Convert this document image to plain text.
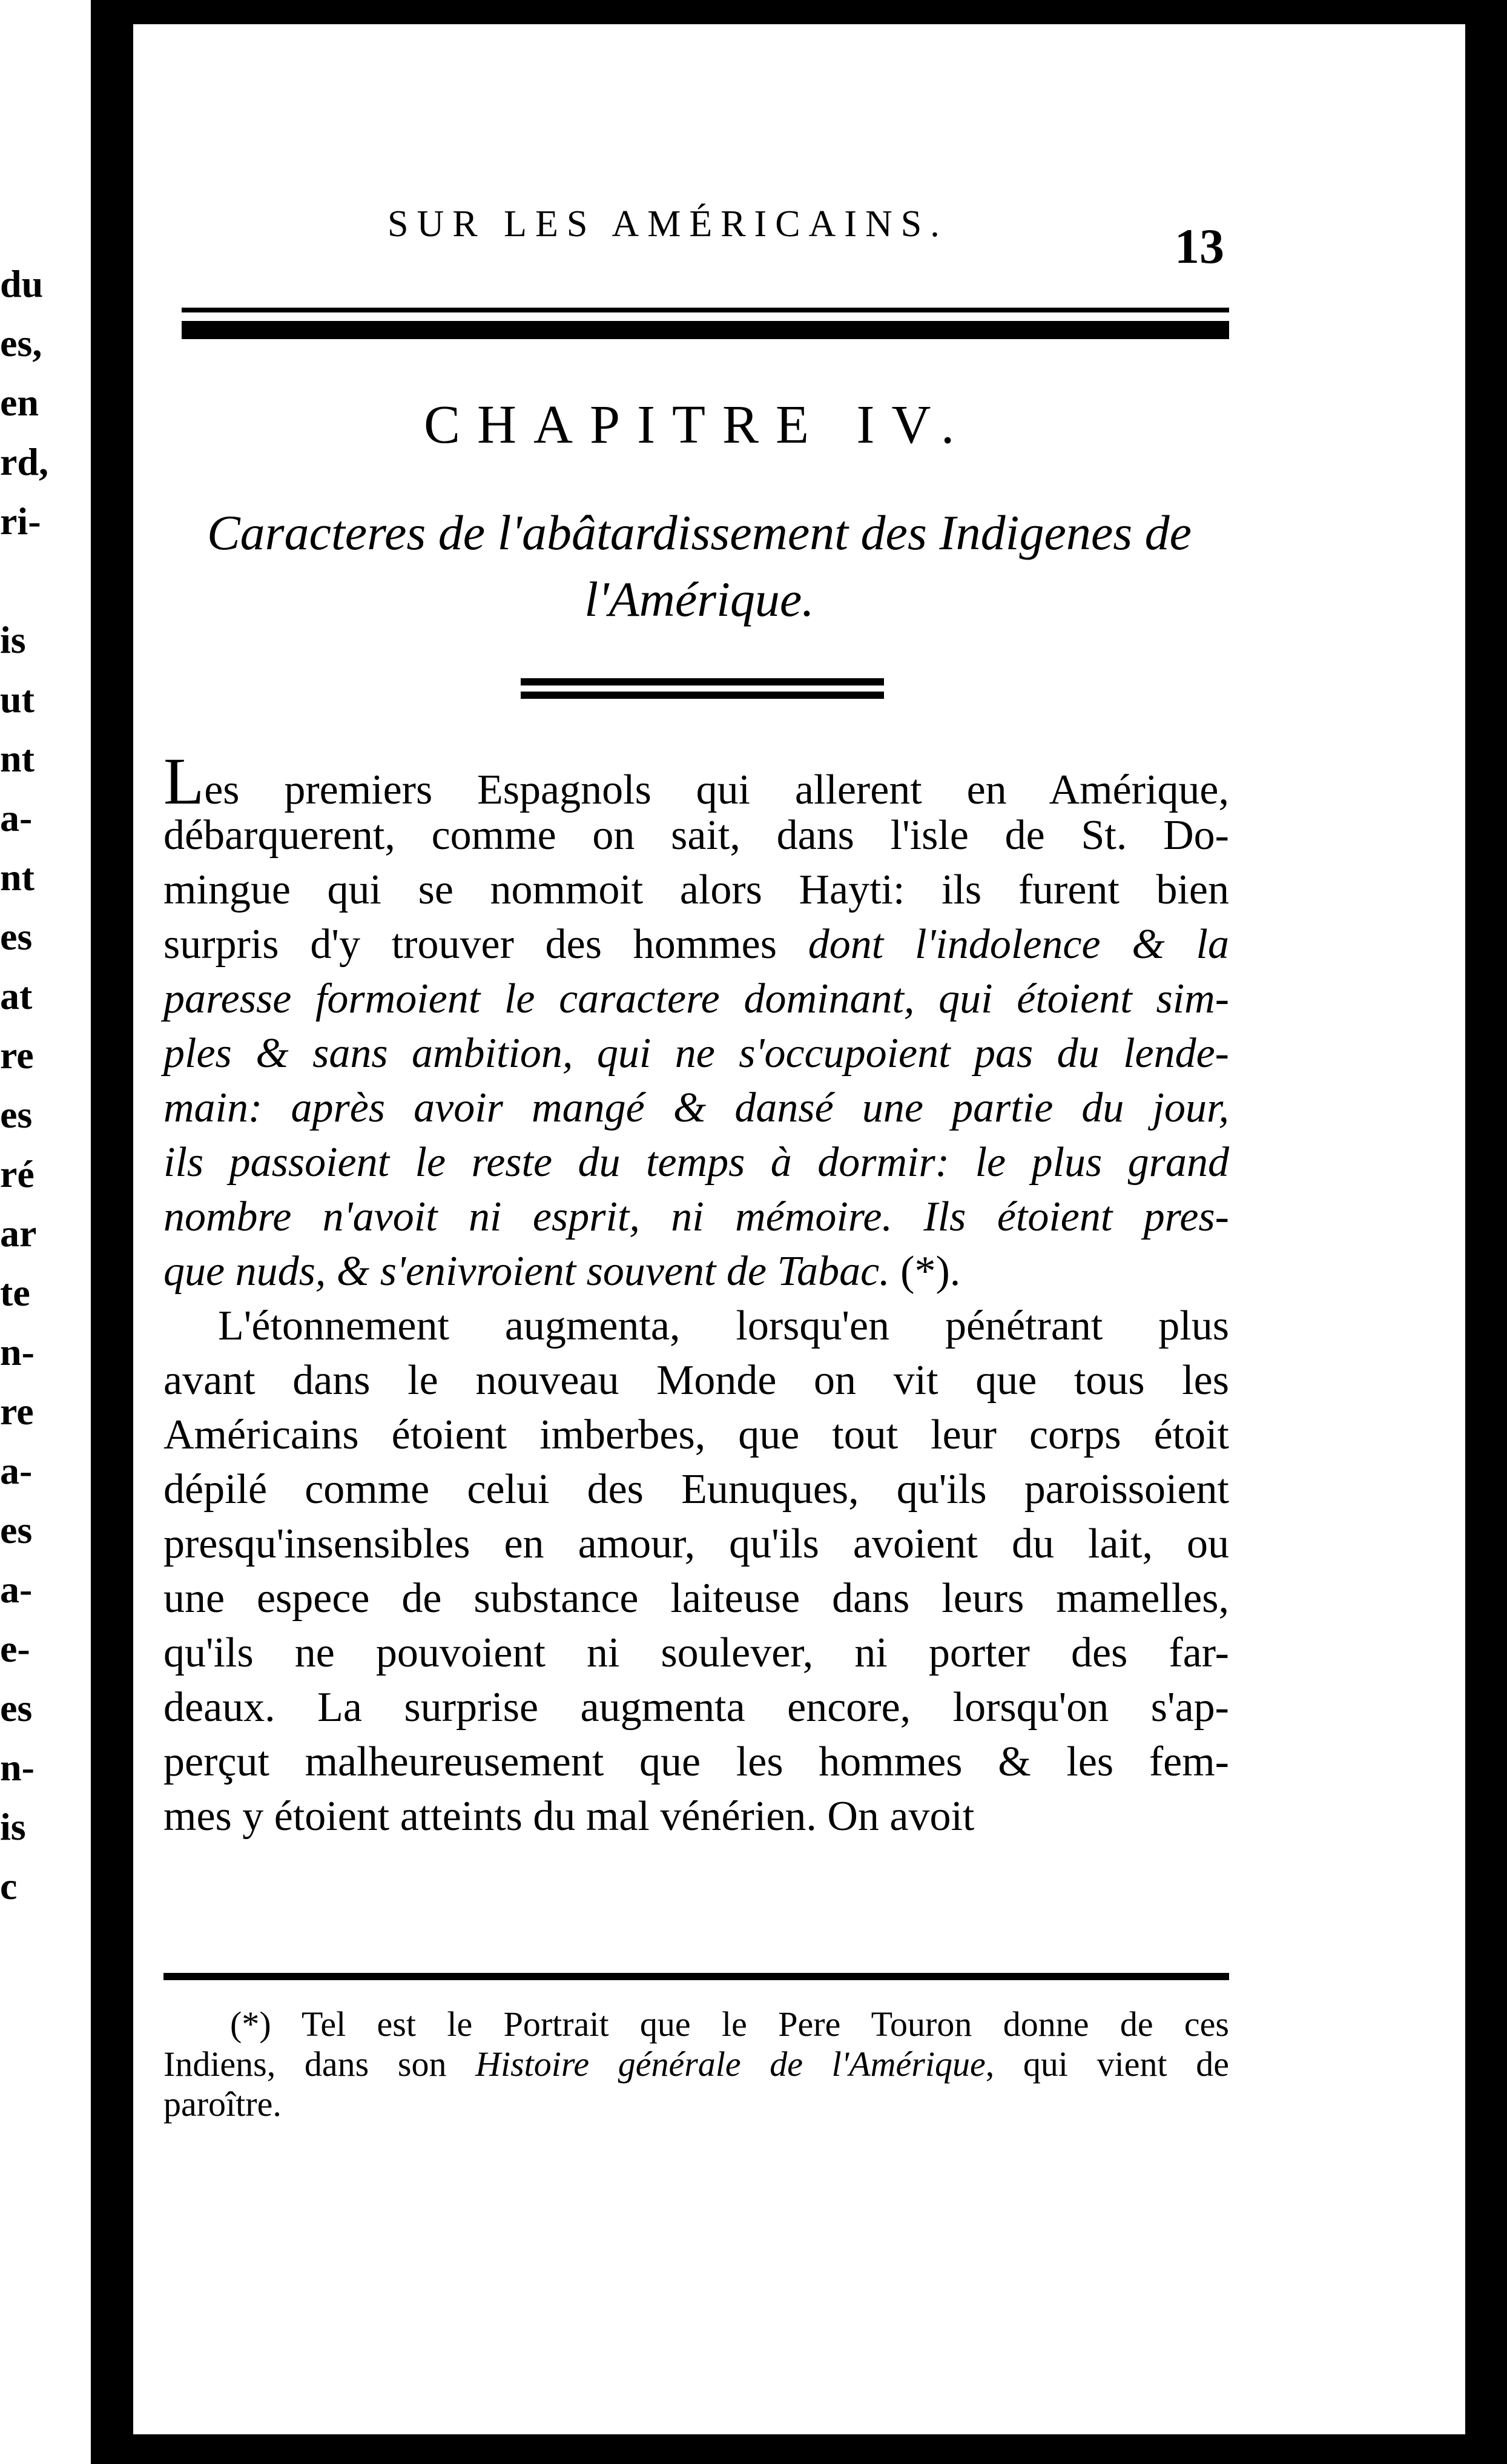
du
es,
en
rd,
ri-
is
ut
nt
a-
nt
es
at
re
es
ré
ar
te
n-
re
a-
es
a-
e-
es
n-
is
c
SUR LES AMÉRICAINS.	13
CHAPITRE IV.
Caracteres de l'abâtardissement des Indigenes de
l'Amérique.
Les premiers Espagnols qui allerent en Amérique,
débarquerent, comme on sait, dans l'isle de St. Do-
mingue qui se nommoit alors Hayti: ils furent bien
surpris d'y trouver des hommes dont l'indolence & la
paresse formoient le caractere dominant, qui étoient sim-
ples & sans ambition, qui ne s'occupoient pas du lende-
main: après avoir mangé & dansé une partie du jour,
ils passoient le reste du temps à dormir: le plus grand
nombre n'avoit ni esprit, ni mémoire. Ils étoient pres-
que nuds, & s'enivroient souvent de Tabac. (*).
L'étonnement augmenta, lorsqu'en pénétrant plus
avant dans le nouveau Monde on vit que tous les
Américains étoient imberbes, que tout leur corps étoit
dépilé comme celui des Eunuques, qu'ils paroissoient
presqu'insensibles en amour, qu'ils avoient du lait, ou
une espece de substance laiteuse dans leurs mamelles,
qu'ils ne pouvoient ni soulever, ni porter des far-
deaux. La surprise augmenta encore, lorsqu'on s'ap-
perçut malheureusement que les hommes & les fem-
mes y étoient atteints du mal vénérien. On avoit
(*) Tel est le Portrait que le Pere Touron donne de ces
Indiens, dans son Histoire générale de l'Amérique, qui vient de
paroître.
